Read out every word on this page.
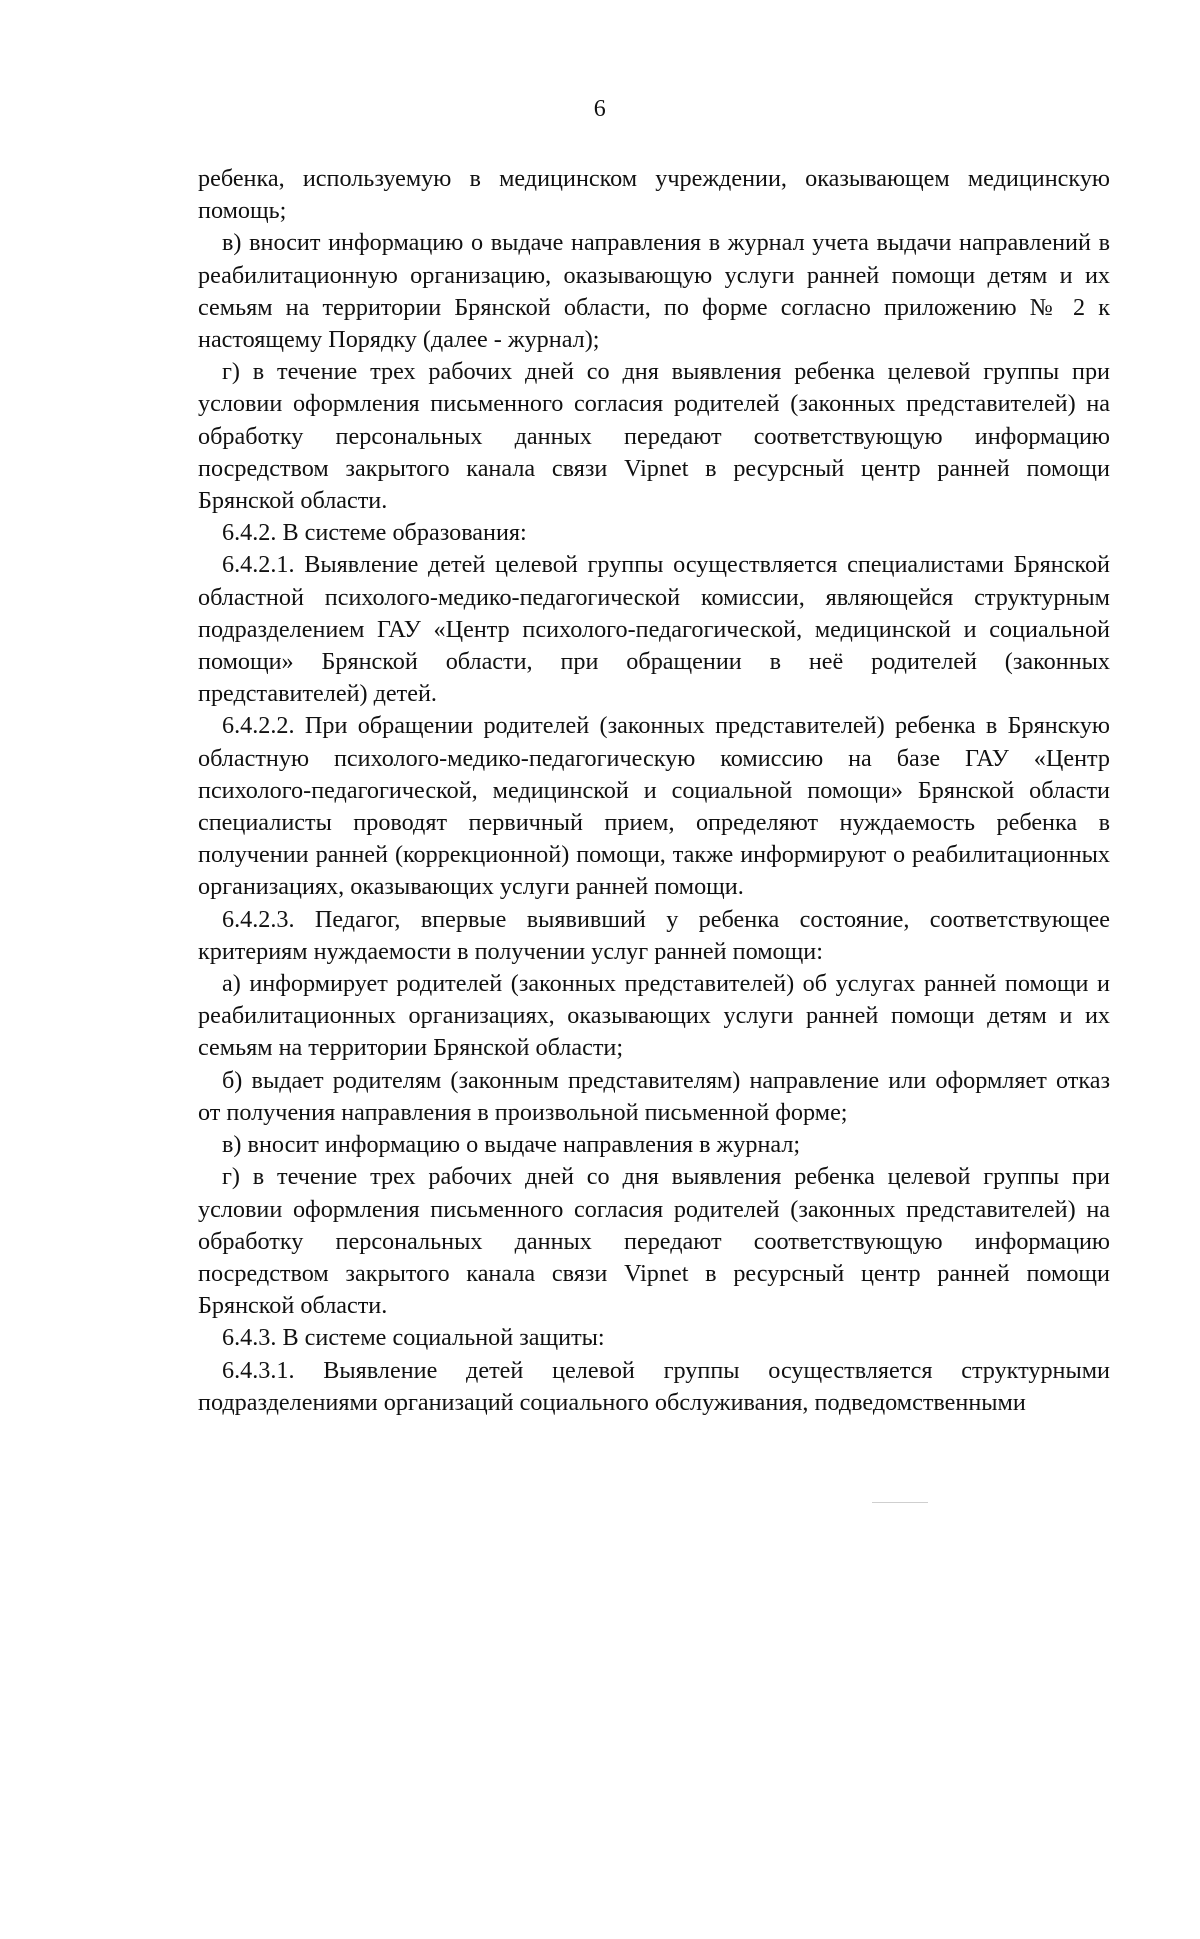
6

ребенка, используемую в медицинском учреждении, оказывающем медицинскую помощь;

в) вносит информацию о выдаче направления в журнал учета выдачи направлений в реабилитационную организацию, оказывающую услуги ранней помощи детям и их семьям на территории Брянской области, по форме согласно приложению № 2 к настоящему Порядку (далее - журнал);

г) в течение трех рабочих дней со дня выявления ребенка целевой группы при условии оформления письменного согласия родителей (законных представителей) на обработку персональных данных передают соответствующую информацию посредством закрытого канала связи Vipnet в ресурсный центр ранней помощи Брянской области.

6.4.2. В системе образования:

6.4.2.1. Выявление детей целевой группы осуществляется специалистами Брянской областной психолого-медико-педагогической комиссии, являющейся структурным подразделением ГАУ «Центр психолого-педагогической, медицинской и социальной помощи» Брянской области, при обращении в неё родителей (законных представителей) детей.

6.4.2.2. При обращении родителей (законных представителей) ребенка в Брянскую областную психолого-медико-педагогическую комиссию на базе ГАУ «Центр психолого-педагогической, медицинской и социальной помощи» Брянской области специалисты проводят первичный прием, определяют нуждаемость ребенка в получении ранней (коррекционной) помощи, также информируют о реабилитационных организациях, оказывающих услуги ранней помощи.

6.4.2.3. Педагог, впервые выявивший у ребенка состояние, соответствующее критериям нуждаемости в получении услуг ранней помощи:

а) информирует родителей (законных представителей) об услугах ранней помощи и реабилитационных организациях, оказывающих услуги ранней помощи детям и их семьям на территории Брянской области;

б) выдает родителям (законным представителям) направление или оформляет отказ от получения направления в произвольной письменной форме;

в) вносит информацию о выдаче направления в журнал;

г) в течение трех рабочих дней со дня выявления ребенка целевой группы при условии оформления письменного согласия родителей (законных представителей) на обработку персональных данных передают соответствующую информацию посредством закрытого канала связи Vipnet в ресурсный центр ранней помощи Брянской области.

6.4.3. В системе социальной защиты:

6.4.3.1. Выявление детей целевой группы осуществляется структурными подразделениями организаций социального обслуживания, подведомственными
